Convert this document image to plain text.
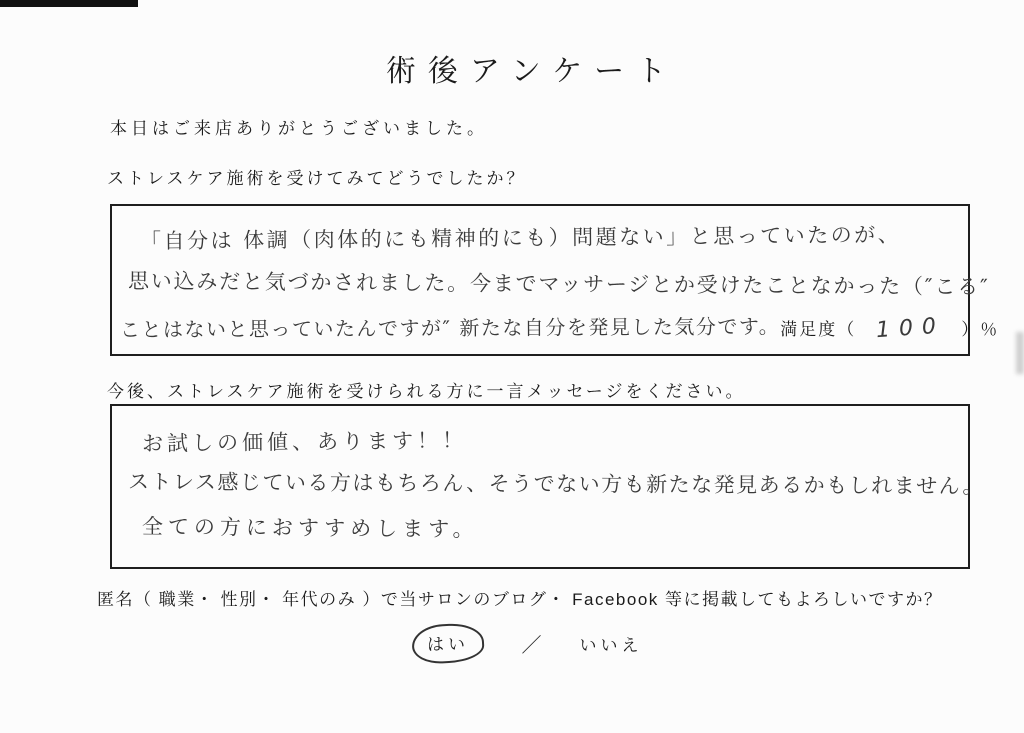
術後アンケート
本日はご来店ありがとうございました。
ストレスケア施術を受けてみてどうでしたか？
「自分は 体調（肉体的にも精神的にも）問題ない」と思っていたのが、
思い込みだと気づかされました。今までマッサージとか受けたことなかった（″こる″
ことはないと思っていたんですが″ 新たな自分を発見した気分です。 満足度（ 100 ）％
今後、ストレスケア施術を受けられる方に一言メッセージをください。
お試しの価値、あります！！
ストレス感じている方はもちろん、そうでない方も新たな発見あるかもしれません。
全ての方におすすめします。
匿名（ 職業・ 性別・ 年代のみ ）で当サロンのブログ・ Facebook 等に掲載してもよろしいですか？
はい	／ いいえ
